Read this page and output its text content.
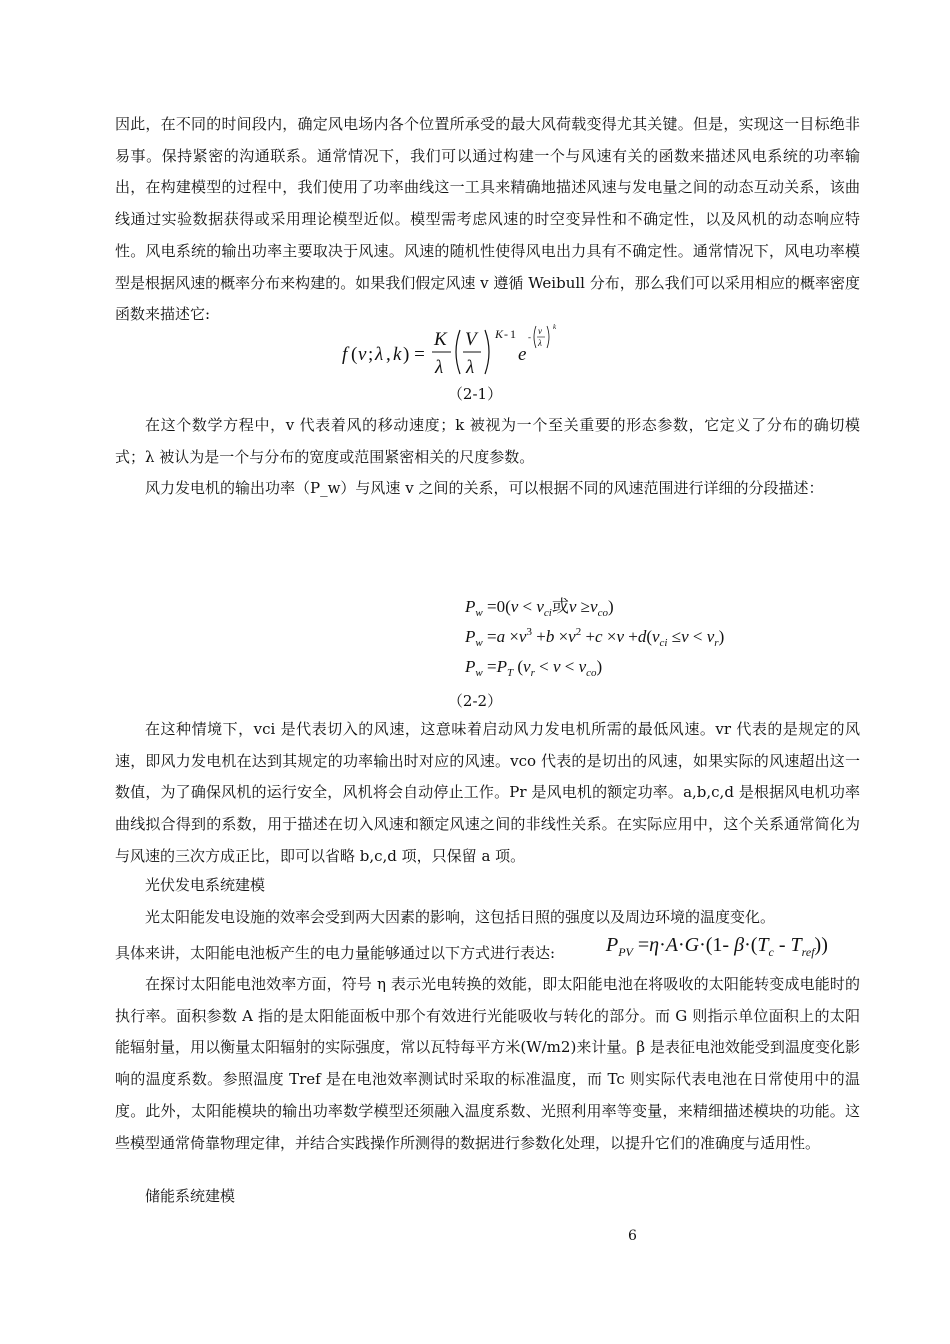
因此，在不同的时间段内，确定风电场内各个位置所承受的最大风荷载变得尤其关键。但是，实现这一目标绝非易事。保持紧密的沟通联系。通常情况下，我们可以通过构建一个与风速有关的函数来描述风电系统的功率输出，在构建模型的过程中，我们使用了功率曲线这一工具来精确地描述风速与发电量之间的动态互动关系，该曲线通过实验数据获得或采用理论模型近似。模型需考虑风速的时空变异性和不确定性，以及风机的动态响应特性。风电系统的输出功率主要取决于风速。风速的随机性使得风电出力具有不确定性。通常情况下，风电功率模型是根据风速的概率分布来构建的。如果我们假定风速 v 遵循 Weibull 分布，那么我们可以采用相应的概率密度函数来描述它:

f ( v ; λ , k ) =
K
λ
V
λ
K - 1
e
-
v
λ
k
（2-1）

在这个数学方程中，v 代表着风的移动速度；k 被视为一个至关重要的形态参数，它定义了分布的确切模式；λ 被认为是一个与分布的宽度或范围紧密相关的尺度参数。

风力发电机的输出功率（P_w）与风速 v 之间的关系，可以根据不同的风速范围进行详细的分段描述：

$P_w =0(v < v_{ci}$或$v \ge v_{co}$)
$P_w =a \times v^3 +b \times v^2 +c \times v +d(v_{ci} \le v < v_r)$
$P_w =P_T$ $(v_r < v < v_{co})$
（2-2）

在这种情境下，vci 是代表切入的风速，这意味着启动风力发电机所需的最低风速。vr 代表的是规定的风速，即风力发电机在达到其规定的功率输出时对应的风速。vco 代表的是切出的风速，如果实际的风速超出这一数值，为了确保风机的运行安全，风机将会自动停止工作。Pr 是风电机的额定功率。a,b,c,d 是根据风电机功率曲线拟合得到的系数，用于描述在切入风速和额定风速之间的非线性关系。在实际应用中，这个关系通常简化为与风速的三次方成正比，即可以省略 b,c,d 项，只保留 a 项。

光伏发电系统建模

光太阳能发电设施的效率会受到两大因素的影响，这包括日照的强度以及周边环境的温度变化。

具体来讲，太阳能电池板产生的电力量能够通过以下方式进行表达:	$P_{PV} =\eta\cdot A\cdot G\cdot(1-$ $\beta\cdot(T_c - T_{ref})$)

在探讨太阳能电池效率方面，符号 η 表示光电转换的效能，即太阳能电池在将吸收的太阳能转变成电能时的执行率。面积参数 A 指的是太阳能面板中那个有效进行光能吸收与转化的部分。而 G 则指示单位面积上的太阳能辐射量，用以衡量太阳辐射的实际强度，常以瓦特每平方米(W/m2)来计量。β 是表征电池效能受到温度变化影响的温度系数。参照温度 Tref 是在电池效率测试时采取的标准温度，而 Tc 则实际代表电池在日常使用中的温度。此外，太阳能模块的输出功率数学模型还须融入温度系数、光照利用率等变量，来精细描述模块的功能。这些模型通常倚靠物理定律，并结合实践操作所测得的数据进行参数化处理，以提升它们的准确度与适用性。

储能系统建模

6
